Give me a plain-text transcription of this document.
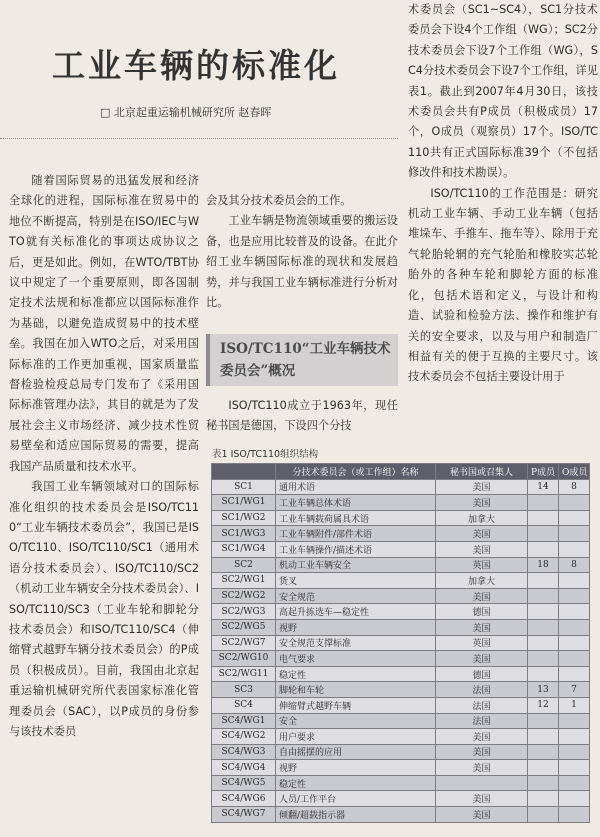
工业车辆的标准化
□ 北京起重运输机械研究所 赵春晖

随着国际贸易的迅猛发展和经济全球化的进程，国际标准在贸易中的地位不断提高，特别是在ISO/IEC与WTO就有关标准化的事项达成协议之后，更是如此。例如，在WTO/TBT协议中规定了一个重要原则，即各国制定技术法规和标准都应以国际标准作为基础，以避免造成贸易中的技术壁垒。我国在加入WTO之后，对采用国际标准的工作更加重视，国家质量监督检验检疫总局专门发布了《采用国际标准管理办法》，其目的就是为了发展社会主义市场经济、减少技术性贸易壁垒和适应国际贸易的需要，提高我国产品质量和技术水平。

我国工业车辆领域对口的国际标准化组织的技术委员会是ISO/TC110“工业车辆技术委员会”，我国已是ISO/TC110、ISO/TC110/SC1（通用术语分技术委员会）、ISO/TC110/SC2（机动工业车辆安全分技术委员会）、ISO/TC110/SC3（工业车轮和脚轮分技术委员会）和ISO/TC110/SC4（伸缩臂式越野车辆分技术委员会）的P成员（积极成员）。目前，我国由北京起重运输机械研究所代表国家标准化管理委员会（SAC），以P成员的身份参与该技术委员

会及其分技术委员会的工作。

工业车辆是物流领域重要的搬运设备，也是应用比较普及的设备。在此介绍工业车辆国际标准的现状和发展趋势，并与我国工业车辆标准进行分析对比。

ISO/TC110“工业车辆技术委员会”概况

ISO/TC110成立于1963年，现任秘书国是德国，下设四个分技

术委员会（SC1~SC4），SC1分技术委员会下设4个工作组（WG）；SC2分技术委员会下设7个工作组（WG），SC4分技术委员会下设7个工作组，详见表1。截止到2007年4月30日，该技术委员会共有P成员（积极成员）17个，O成员（观察员）17个。ISO/TC110共有正式国际标准39个（不包括修改件和技术勘误）。

ISO/TC110的工作范围是：研究机动工业车辆、手动工业车辆（包括堆垛车、手推车、拖车等）、除用于充气轮胎轮辋的充气轮胎和橡胶实芯轮胎外的各种车轮和脚轮方面的标准化，包括术语和定义，与设计和构造、试验和检验方法、操作和维护有关的安全要求，以及与用户和制造厂相益有关的便于互换的主要尺寸。该技术委员会不包括主要设计用于

表1 ISO/TC110组织结构
	分技术委员会（或工作组）名称	秘书国或召集人	P成员	O成员
SC1	通用术语	美国	14	8
SC1/WG1	工业车辆总体术语	美国		
SC1/WG2	工业车辆载荷属具术语	加拿大		
SC1/WG3	工业车辆附件/部件术语	美国		
SC1/WG4	工业车辆操作/描述术语	美国		
SC2	机动工业车辆安全	英国	18	8
SC2/WG1	货叉	加拿大		
SC2/WG2	安全规范	美国		
SC2/WG3	高起升拣选车—稳定性	德国		
SC2/WG5	视野	美国		
SC2/WG7	安全规范支撑标准	英国		
SC2/WG10	电气要求	美国		
SC2/WG11	稳定性	德国		
SC3	脚轮和车轮	法国	13	7
SC4	伸缩臂式越野车辆	法国	12	1
SC4/WG1	安全	法国		
SC4/WG2	用户要求	美国		
SC4/WG3	自由摇摆的应用	美国		
SC4/WG4	视野	美国		
SC4/WG5	稳定性			
SC4/WG6	人员/工作平台	美国		
SC4/WG7	倾翻/超载指示器	美国		
